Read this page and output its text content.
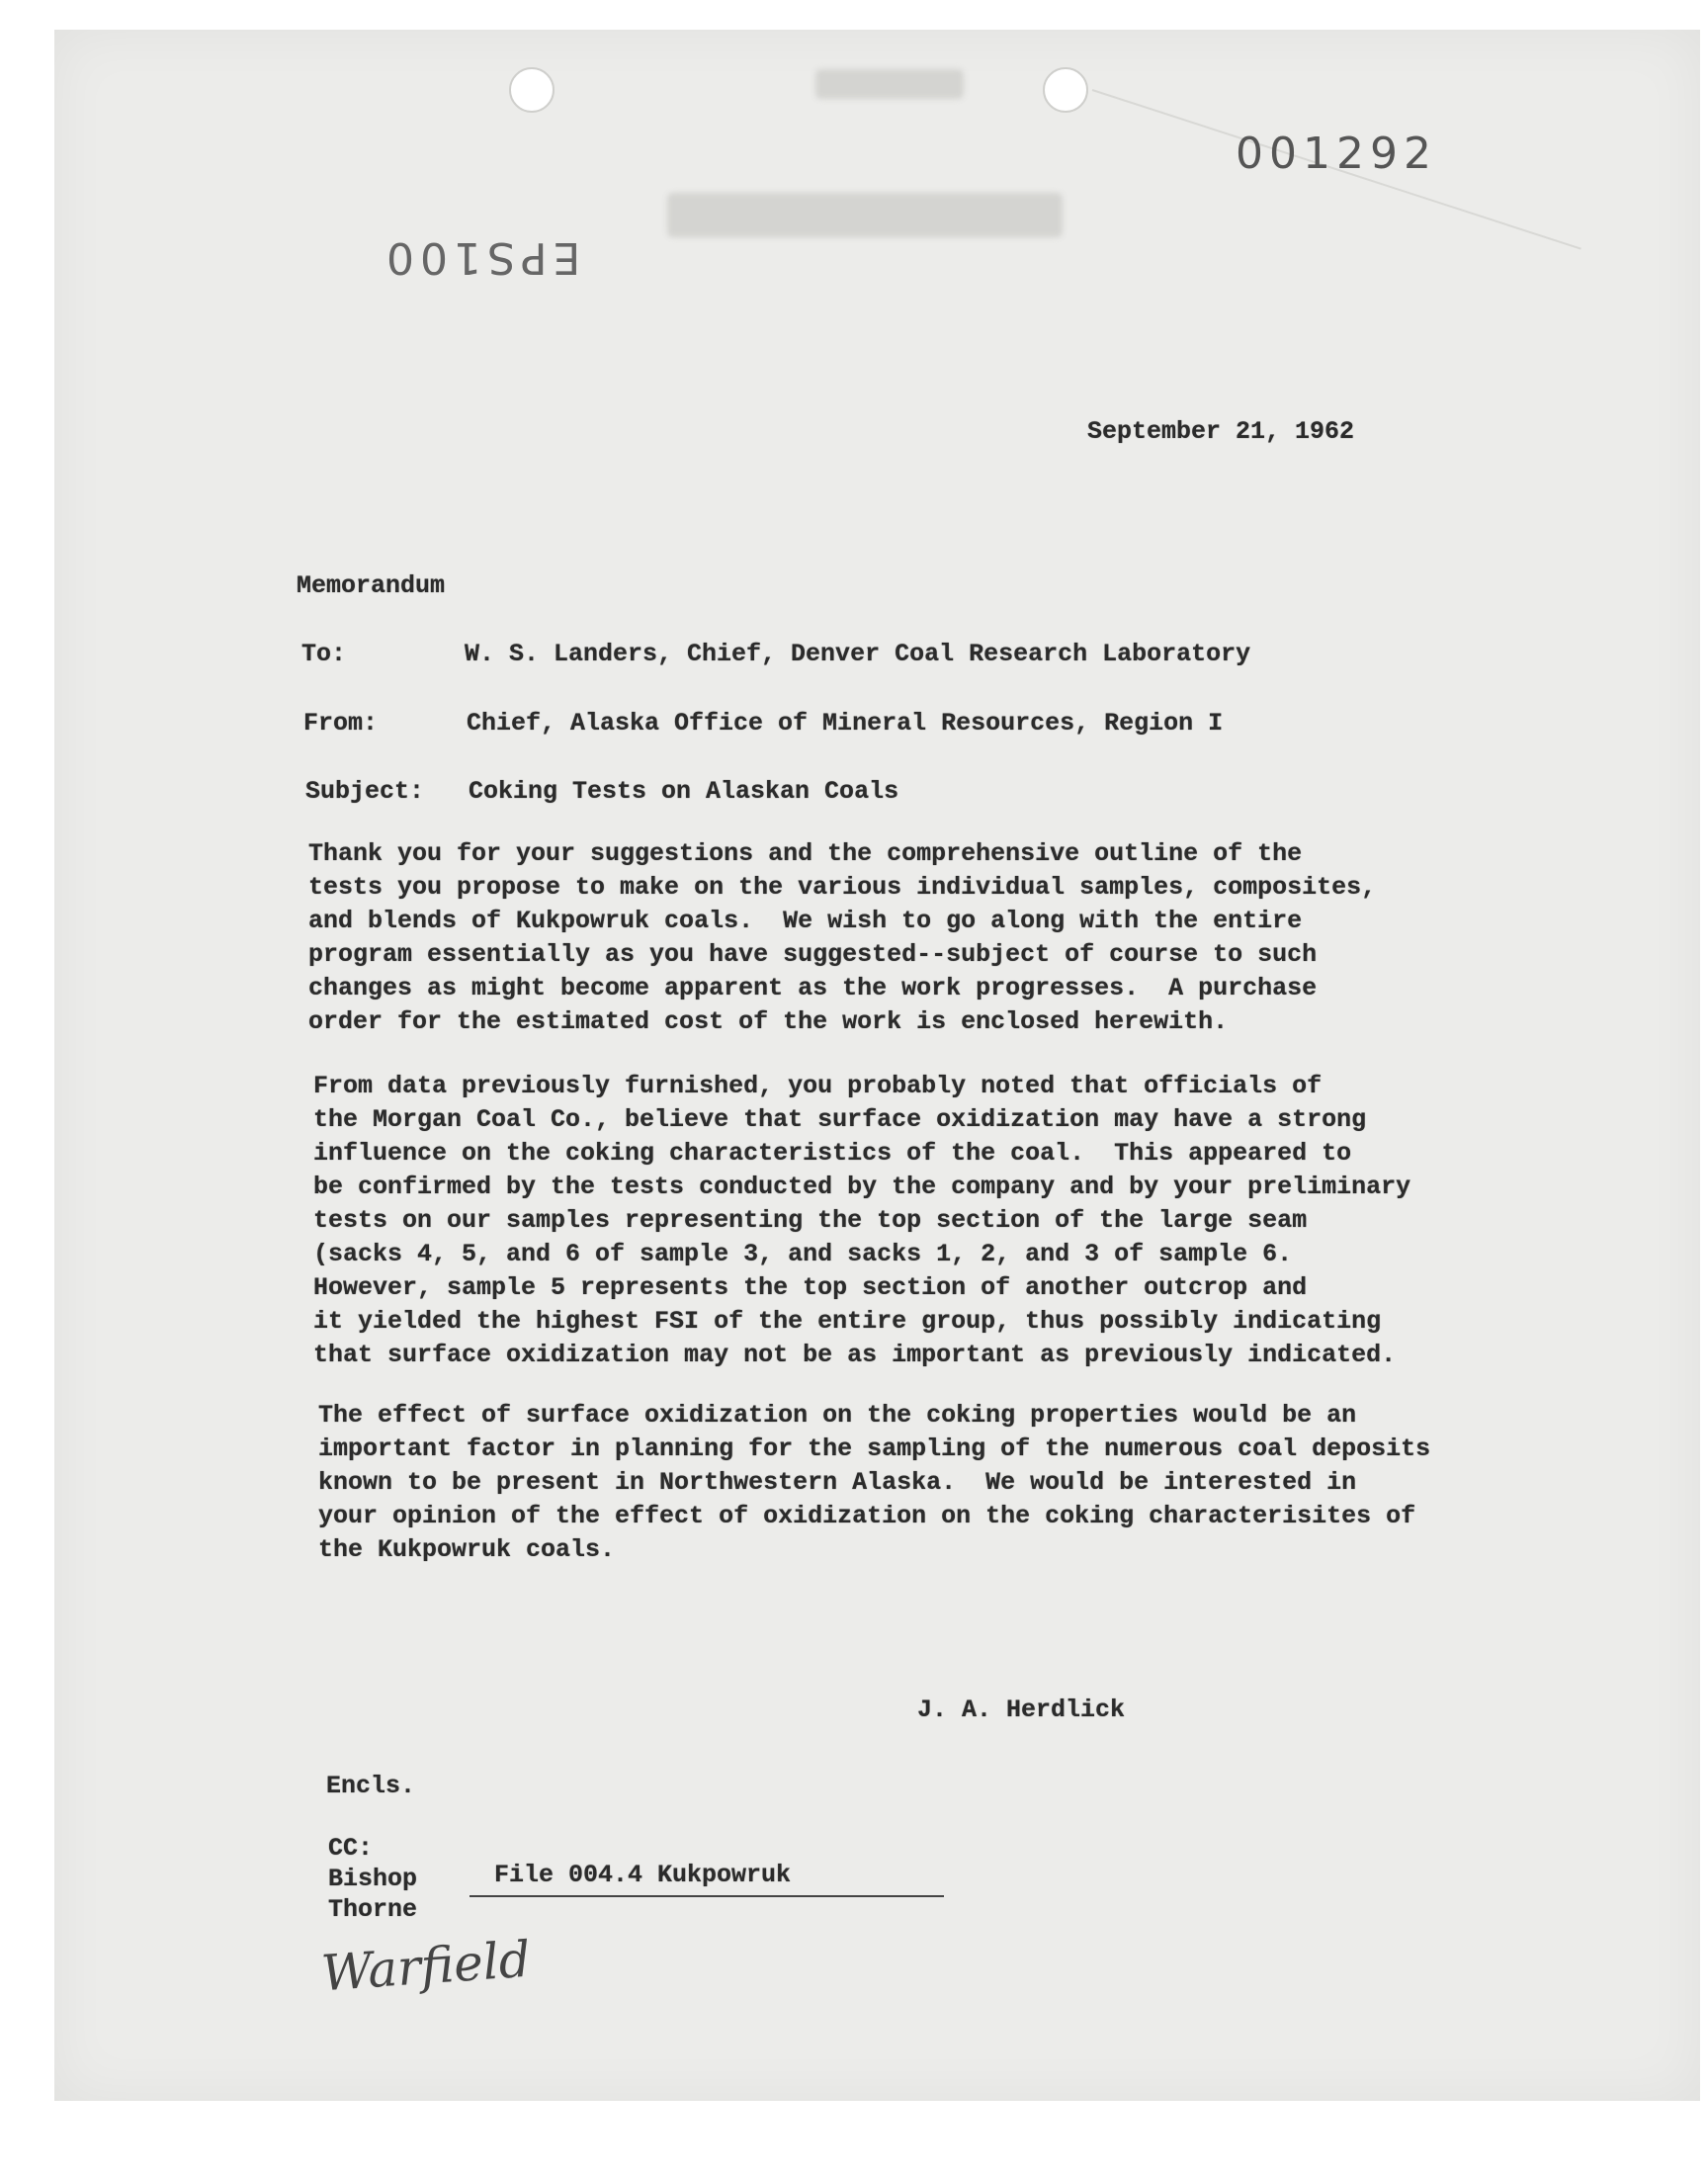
001292
EPS100
September 21, 1962
Memorandum
To:	W. S. Landers, Chief, Denver Coal Research Laboratory
From:	Chief, Alaska Office of Mineral Resources, Region I
Subject: Coking Tests on Alaskan Coals
Thank you for your suggestions and the comprehensive outline of the
tests you propose to make on the various individual samples, composites,
and blends of Kukpowruk coals.  We wish to go along with the entire
program essentially as you have suggested--subject of course to such
changes as might become apparent as the work progresses.  A purchase
order for the estimated cost of the work is enclosed herewith.
From data previously furnished, you probably noted that officials of
the Morgan Coal Co., believe that surface oxidization may have a strong
influence on the coking characteristics of the coal.  This appeared to
be confirmed by the tests conducted by the company and by your preliminary
tests on our samples representing the top section of the large seam
(sacks 4, 5, and 6 of sample 3, and sacks 1, 2, and 3 of sample 6.
However, sample 5 represents the top section of another outcrop and
it yielded the highest FSI of the entire group, thus possibly indicating
that surface oxidization may not be as important as previously indicated.
The effect of surface oxidization on the coking properties would be an
important factor in planning for the sampling of the numerous coal deposits
known to be present in Northwestern Alaska.  We would be interested in
your opinion of the effect of oxidization on the coking characterisites of
the Kukpowruk coals.
J. A. Herdlick
Encls.
CC:
Bishop
Thorne
File 004.4 Kukpowruk
Warfield
